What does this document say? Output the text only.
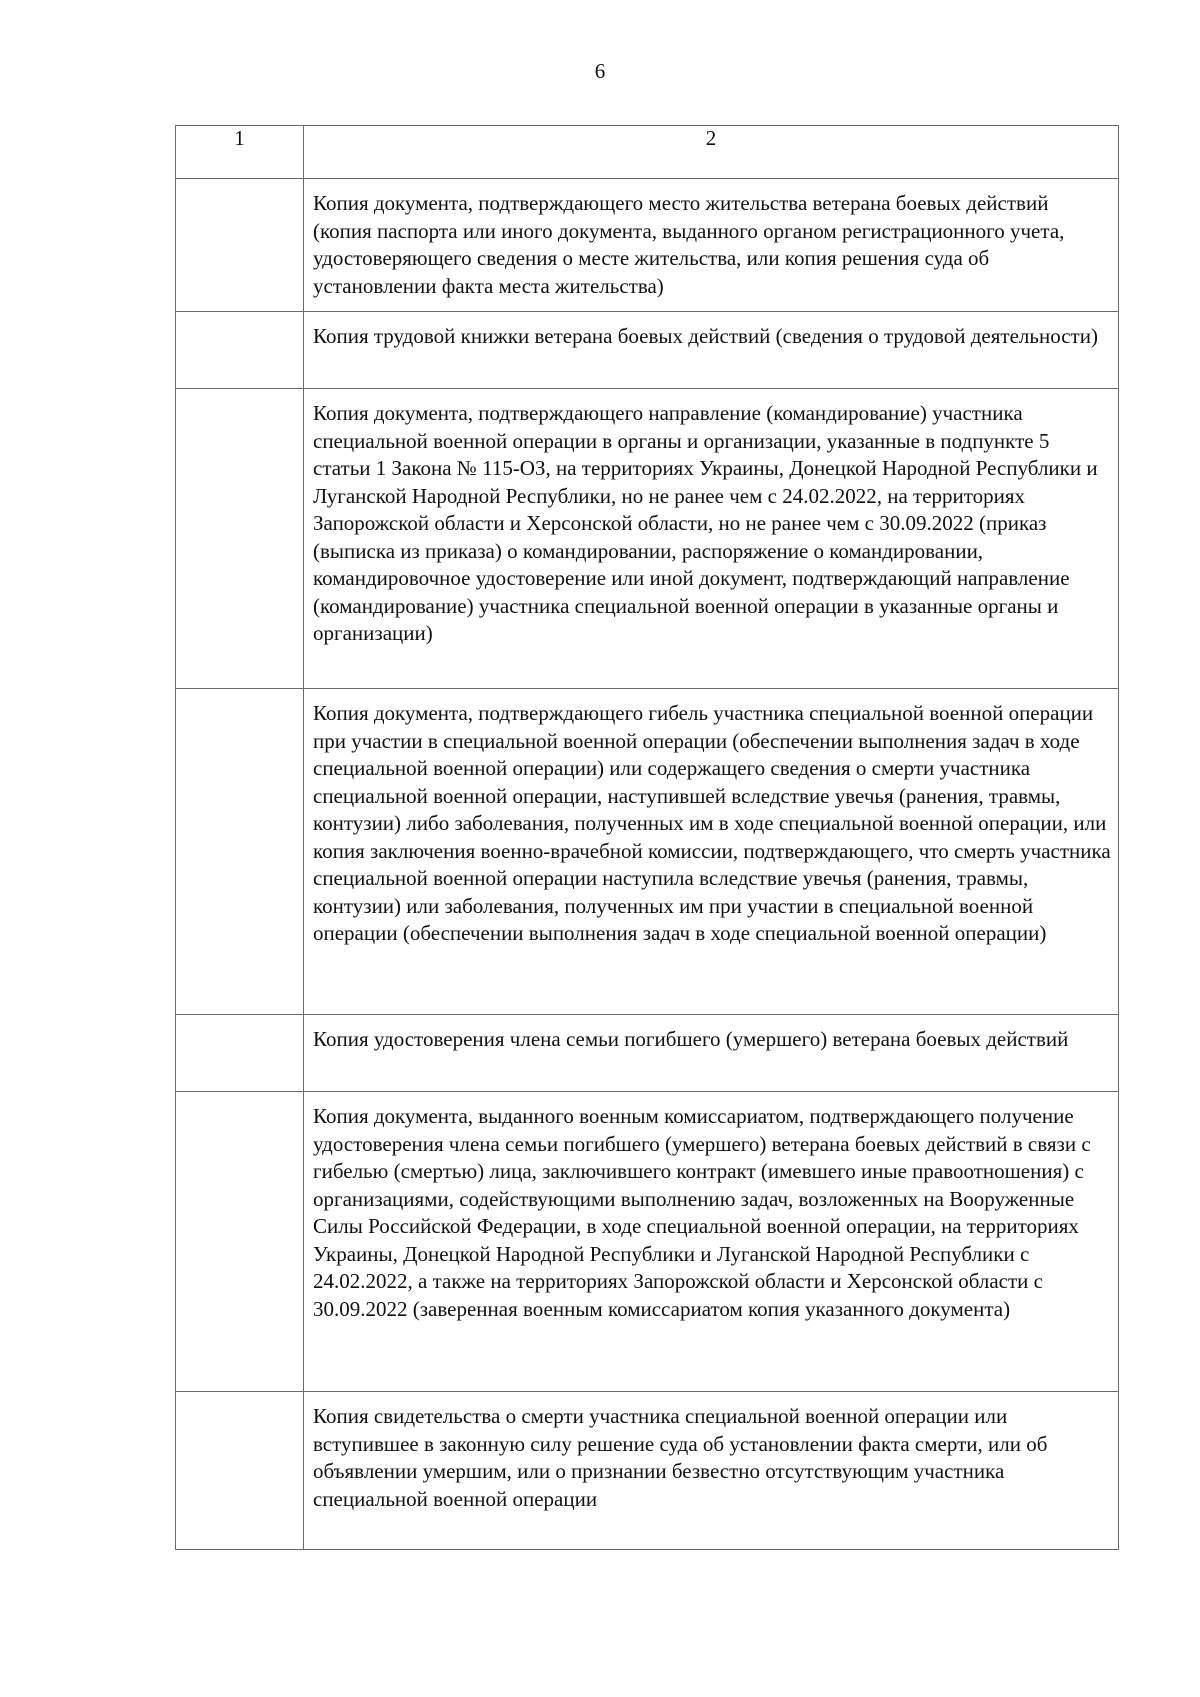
6
1	2

	Копия документа, подтверждающего место жительства ветерана боевых действий (копия паспорта или иного документа, выданного органом регистрационного учета, удостоверяющего сведения о месте жительства, или копия решения суда об установлении факта места жительства)

	Копия трудовой книжки ветерана боевых действий (сведения о трудовой деятельности)

	Копия документа, подтверждающего направление (командирование) участника специальной военной операции в органы и организации, указанные в подпункте 5 статьи 1 Закона № 115-ОЗ, на территориях Украины, Донецкой Народной Республики и Луганской Народной Республики, но не ранее чем с 24.02.2022, на территориях Запорожской области и Херсонской области, но не ранее чем с 30.09.2022 (приказ (выписка из приказа) о командировании, распоряжение о командировании, командировочное удостоверение или иной документ, подтверждающий направление (командирование) участника специальной военной операции в указанные органы и организации)

	Копия документа, подтверждающего гибель участника специальной военной операции при участии в специальной военной операции (обеспечении выполнения задач в ходе специальной военной операции) или содержащего сведения о смерти участника специальной военной операции, наступившей вследствие увечья (ранения, травмы, контузии) либо заболевания, полученных им в ходе специальной военной операции, или копия заключения военно-врачебной комиссии, подтверждающего, что смерть участника специальной военной операции наступила вследствие увечья (ранения, травмы, контузии) или заболевания, полученных им при участии в специальной военной операции (обеспечении выполнения задач в ходе специальной военной операции)

	Копия удостоверения члена семьи погибшего (умершего) ветерана боевых действий

	Копия документа, выданного военным комиссариатом, подтверждающего получение удостоверения члена семьи погибшего (умершего) ветерана боевых действий в связи с гибелью (смертью) лица, заключившего контракт (имевшего иные правоотношения) с организациями, содействующими выполнению задач, возложенных на Вооруженные Силы Российской Федерации, в ходе специальной военной операции, на территориях Украины, Донецкой Народной Республики и Луганской Народной Республики с 24.02.2022, а также на территориях Запорожской области и Херсонской области с 30.09.2022 (заверенная военным комиссариатом копия указанного документа)

	Копия свидетельства о смерти участника специальной военной операции или вступившее в законную силу решение суда об установлении факта смерти, или об объявлении умершим, или о признании безвестно отсутствующим участника специальной военной операции
